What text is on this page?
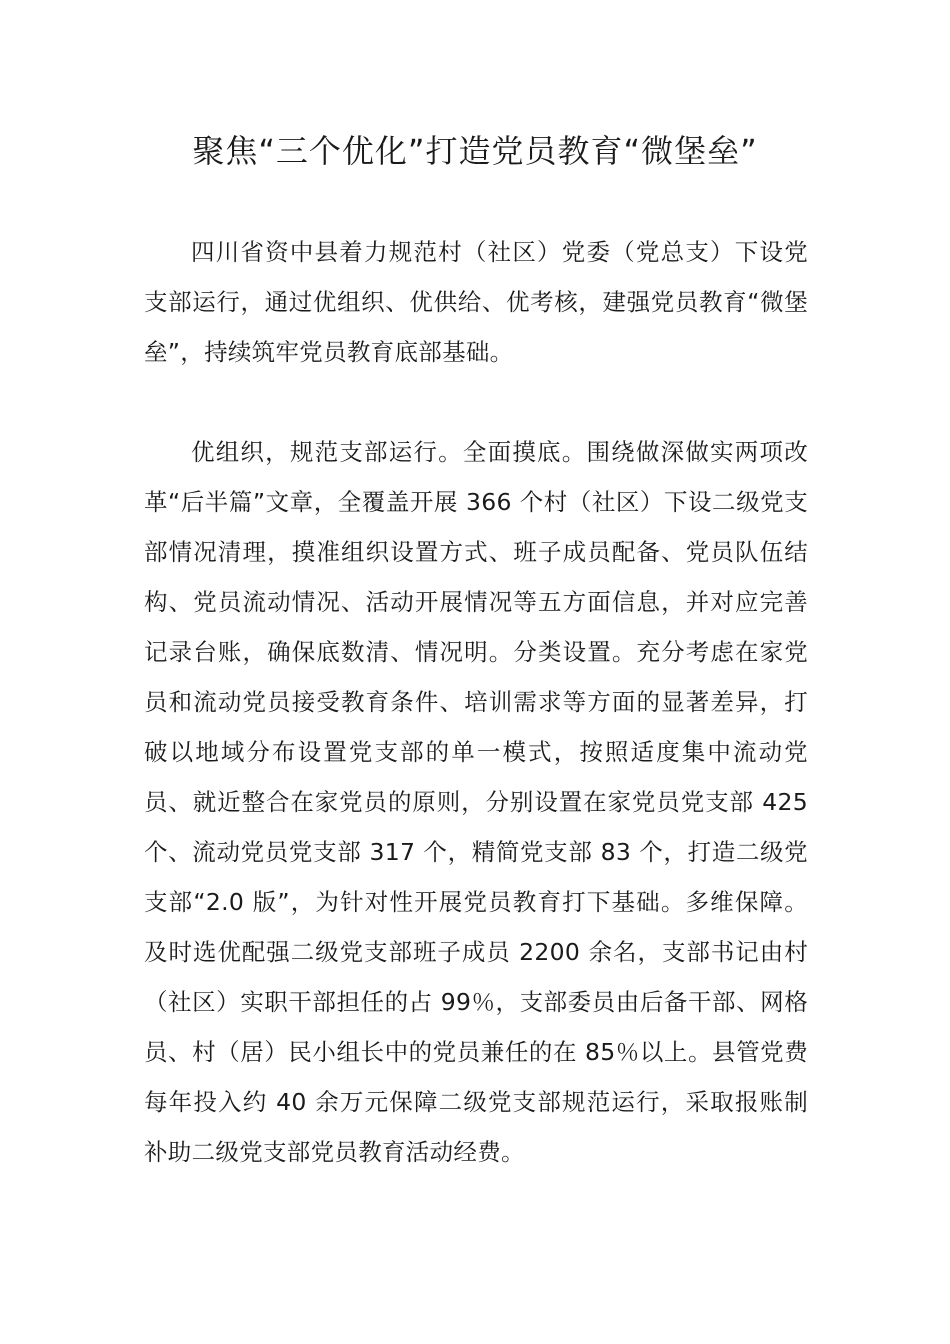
聚焦“三个优化”打造党员教育“微堡垒”

四川省资中县着力规范村（社区）党委（党总支）下设党支部运行，通过优组织、优供给、优考核，建强党员教育“微堡垒”，持续筑牢党员教育底部基础。

优组织，规范支部运行。全面摸底。围绕做深做实两项改革“后半篇”文章，全覆盖开展 366 个村（社区）下设二级党支部情况清理，摸准组织设置方式、班子成员配备、党员队伍结构、党员流动情况、活动开展情况等五方面信息，并对应完善记录台账，确保底数清、情况明。分类设置。充分考虑在家党员和流动党员接受教育条件、培训需求等方面的显著差异，打破以地域分布设置党支部的单一模式，按照适度集中流动党员、就近整合在家党员的原则，分别设置在家党员党支部 425 个、流动党员党支部 317 个，精简党支部 83 个，打造二级党支部“2.0 版”，为针对性开展党员教育打下基础。多维保障。及时选优配强二级党支部班子成员 2200 余名，支部书记由村（社区）实职干部担任的占 99％，支部委员由后备干部、网格员、村（居）民小组长中的党员兼任的在 85％以上。县管党费每年投入约 40 余万元保障二级党支部规范运行，采取报账制补助二级党支部党员教育活动经费。
